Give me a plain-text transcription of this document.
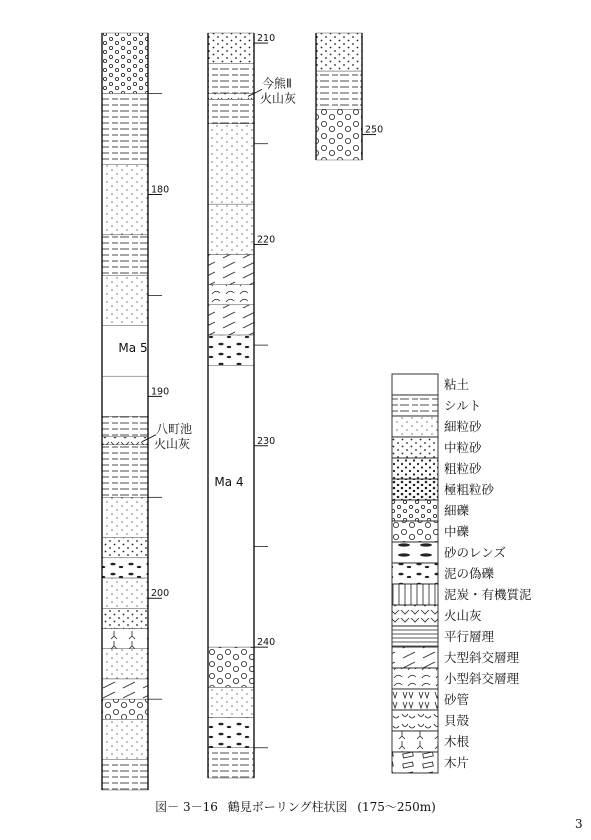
180
190
200
Ma 5
八町池
火山灰
210
220
230
240
今熊Ⅱ
火山灰
Ma 4
250
粘土
シルト
細粒砂
中粒砂
粗粒砂
極粗粒砂
細礫
中礫
砂のレンズ
泥の偽礫
泥炭・有機質泥
火山灰
平行層理
大型斜交層理
小型斜交層理
砂管
貝殻
木根
木片
図－ 3－16 鶴見ボーリング柱状図 (175～250m)
3
